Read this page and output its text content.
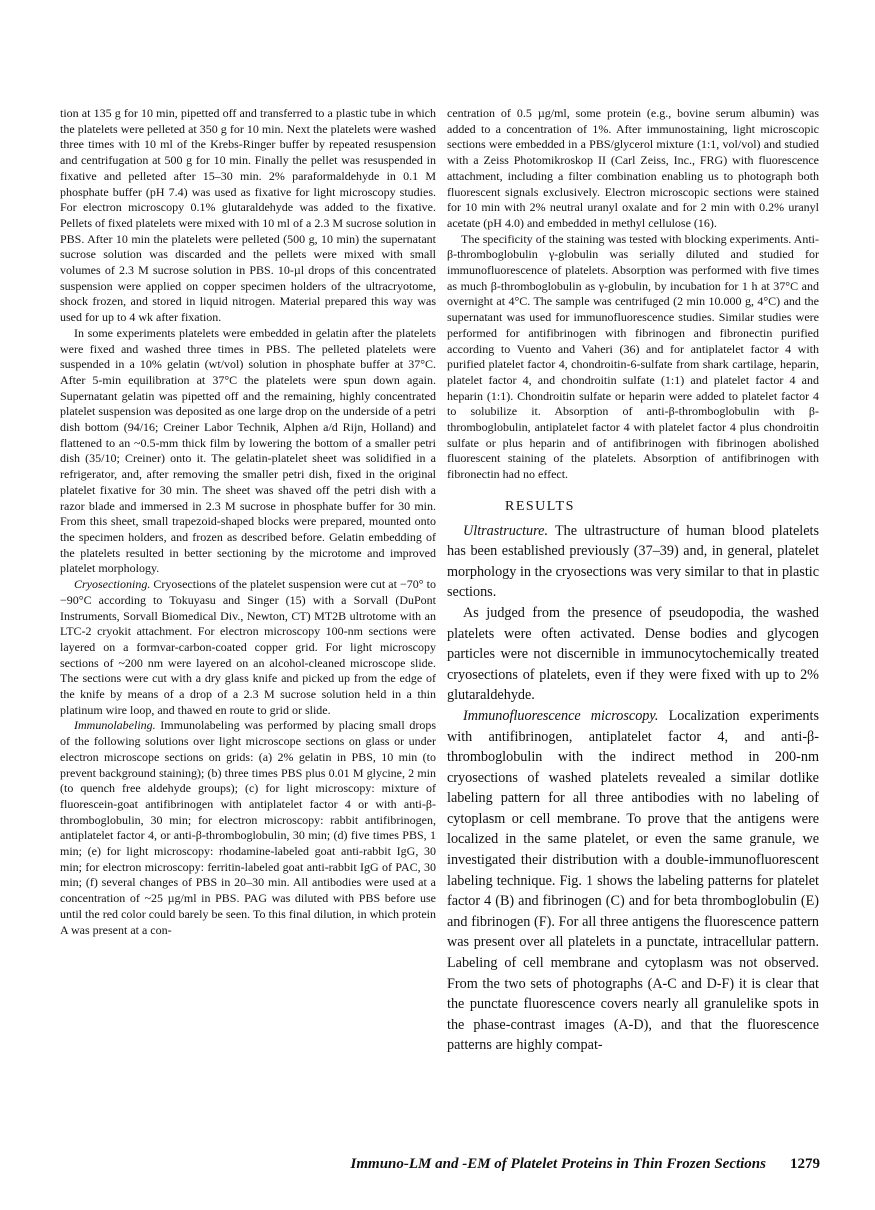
tion at 135 g for 10 min, pipetted off and transferred to a plastic tube in which the platelets were pelleted at 350 g for 10 min. Next the platelets were washed three times with 10 ml of the Krebs-Ringer buffer by repeated resuspension and centrifugation at 500 g for 10 min. Finally the pellet was resuspended in fixative and pelleted after 15–30 min. 2% paraformaldehyde in 0.1 M phosphate buffer (pH 7.4) was used as fixative for light microscopy studies. For electron microscopy 0.1% glutaraldehyde was added to the fixative. Pellets of fixed platelets were mixed with 10 ml of a 2.3 M sucrose solution in PBS. After 10 min the platelets were pelleted (500 g, 10 min) the supernatant sucrose solution was discarded and the pellets were mixed with small volumes of 2.3 M sucrose solution in PBS. 10-µl drops of this concentrated suspension were applied on copper specimen holders of the ultracryotome, shock frozen, and stored in liquid nitrogen. Material prepared this way was used for up to 4 wk after fixation.

In some experiments platelets were embedded in gelatin after the platelets were fixed and washed three times in PBS. The pelleted platelets were suspended in a 10% gelatin (wt/vol) solution in phosphate buffer at 37°C. After 5-min equilibration at 37°C the platelets were spun down again. Supernatant gelatin was pipetted off and the remaining, highly concentrated platelet suspension was deposited as one large drop on the underside of a petri dish bottom (94/16; Creiner Labor Technik, Alphen a/d Rijn, Holland) and flattened to an ~0.5-mm thick film by lowering the bottom of a smaller petri dish (35/10; Creiner) onto it. The gelatin-platelet sheet was solidified in a refrigerator, and, after removing the smaller petri dish, fixed in the original platelet fixative for 30 min. The sheet was shaved off the petri dish with a razor blade and immersed in 2.3 M sucrose in phosphate buffer for 30 min. From this sheet, small trapezoid-shaped blocks were prepared, mounted onto the specimen holders, and frozen as described before. Gelatin embedding of the platelets resulted in better sectioning by the microtome and improved platelet morphology.

Cryosectioning. Cryosections of the platelet suspension were cut at −70° to −90°C according to Tokuyasu and Singer (15) with a Sorvall (DuPont Instruments, Sorvall Biomedical Div., Newton, CT) MT2B ultrotome with an LTC-2 cryokit attachment. For electron microscopy 100-nm sections were layered on a formvar-carbon-coated copper grid. For light microscopy sections of ~200 nm were layered on an alcohol-cleaned microscope slide. The sections were cut with a dry glass knife and picked up from the edge of the knife by means of a drop of a 2.3 M sucrose solution held in a thin platinum wire loop, and thawed en route to grid or slide.

Immunolabeling. Immunolabeling was performed by placing small drops of the following solutions over light microscope sections on glass or under electron microscope sections on grids: (a) 2% gelatin in PBS, 10 min (to prevent background staining); (b) three times PBS plus 0.01 M glycine, 2 min (to quench free aldehyde groups); (c) for light microscopy: mixture of fluorescein-goat antifibrinogen with antiplatelet factor 4 or with anti-β-thromboglobulin, 30 min; for electron microscopy: rabbit antifibrinogen, antiplatelet factor 4, or anti-β-thromboglobulin, 30 min; (d) five times PBS, 1 min; (e) for light microscopy: rhodamine-labeled goat anti-rabbit IgG, 30 min; for electron microscopy: ferritin-labeled goat anti-rabbit IgG of PAC, 30 min; (f) several changes of PBS in 20–30 min. All antibodies were used at a concentration of ~25 µg/ml in PBS. PAG was diluted with PBS before use until the red color could barely be seen. To this final dilution, in which protein A was present at a con-

centration of 0.5 µg/ml, some protein (e.g., bovine serum albumin) was added to a concentration of 1%. After immunostaining, light microscopic sections were embedded in a PBS/glycerol mixture (1:1, vol/vol) and studied with a Zeiss Photomikroskop II (Carl Zeiss, Inc., FRG) with fluorescence attachment, including a filter combination enabling us to photograph both fluorescent signals exclusively. Electron microscopic sections were stained for 10 min with 2% neutral uranyl oxalate and for 2 min with 0.2% uranyl acetate (pH 4.0) and embedded in methyl cellulose (16).

The specificity of the staining was tested with blocking experiments. Anti-β-thromboglobulin γ-globulin was serially diluted and studied for immunofluorescence of platelets. Absorption was performed with five times as much β-thromboglobulin as γ-globulin, by incubation for 1 h at 37°C and overnight at 4°C. The sample was centrifuged (2 min 10.000 g, 4°C) and the supernatant was used for immunofluorescence studies. Similar studies were performed for antifibrinogen with fibrinogen and fibronectin purified according to Vuento and Vaheri (36) and for antiplatelet factor 4 with purified platelet factor 4, chondroitin-6-sulfate from shark cartilage, heparin, platelet factor 4, and chondroitin sulfate (1:1) and platelet factor 4 and heparin (1:1). Chondroitin sulfate or heparin were added to platelet factor 4 to solubilize it. Absorption of anti-β-thromboglobulin with β-thromboglobulin, antiplatelet factor 4 with platelet factor 4 plus chondroitin sulfate or plus heparin and of antifibrinogen with fibrinogen abolished fluorescent staining of the platelets. Absorption of antifibrinogen with fibronectin had no effect.

RESULTS

Ultrastructure. The ultrastructure of human blood platelets has been established previously (37–39) and, in general, platelet morphology in the cryosections was very similar to that in plastic sections.

As judged from the presence of pseudopodia, the washed platelets were often activated. Dense bodies and glycogen particles were not discernible in immunocytochemically treated cryosections of platelets, even if they were fixed with up to 2% glutaraldehyde.

Immunofluorescence microscopy. Localization experiments with antifibrinogen, antiplatelet factor 4, and anti-β-thromboglobulin with the indirect method in 200-nm cryosections of washed platelets revealed a similar dotlike labeling pattern for all three antibodies with no labeling of cytoplasm or cell membrane. To prove that the antigens were localized in the same platelet, or even the same granule, we investigated their distribution with a double-immunofluorescent labeling technique. Fig. 1 shows the labeling patterns for platelet factor 4 (B) and fibrinogen (C) and for beta thromboglobulin (E) and fibrinogen (F). For all three antigens the fluorescence pattern was present over all platelets in a punctate, intracellular pattern. Labeling of cell membrane and cytoplasm was not observed. From the two sets of photographs (A-C and D-F) it is clear that the punctate fluorescence covers nearly all granulelike spots in the phase-contrast images (A-D), and that the fluorescence patterns are highly compat-

Immuno-LM and -EM of Platelet Proteins in Thin Frozen Sections 1279
